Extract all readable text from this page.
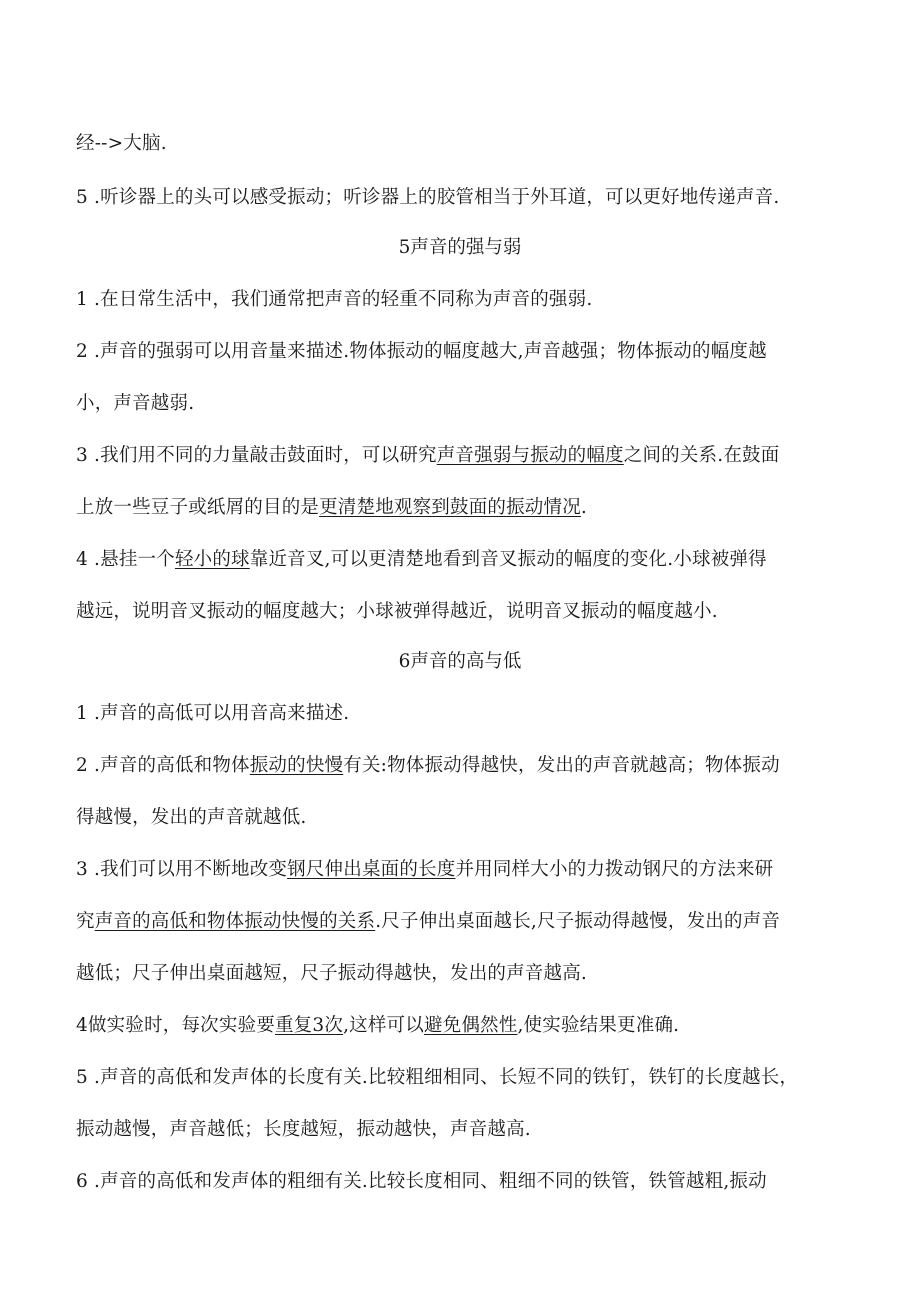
经-->大脑.
5 .听诊器上的头可以感受振动；听诊器上的胶管相当于外耳道，可以更好地传递声音.
5声音的强与弱
1 .在日常生活中，我们通常把声音的轻重不同称为声音的强弱.
2 .声音的强弱可以用音量来描述.物体振动的幅度越大,声音越强；物体振动的幅度越
小，声音越弱.
3 .我们用不同的力量敲击鼓面时，可以研究声音强弱与振动的幅度之间的关系.在鼓面
上放一些豆子或纸屑的目的是更清楚地观察到鼓面的振动情况.
4 .悬挂一个轻小的球靠近音叉,可以更清楚地看到音叉振动的幅度的变化.小球被弹得
越远，说明音叉振动的幅度越大；小球被弹得越近，说明音叉振动的幅度越小.
6声音的高与低
1 .声音的高低可以用音高来描述.
2 .声音的高低和物体振动的快慢有关:物体振动得越快，发出的声音就越高；物体振动
得越慢，发出的声音就越低.
3 .我们可以用不断地改变钢尺伸出桌面的长度并用同样大小的力拨动钢尺的方法来研
究声音的高低和物体振动快慢的关系.尺子伸出桌面越长,尺子振动得越慢，发出的声音
越低；尺子伸出桌面越短，尺子振动得越快，发出的声音越高.
4做实验时，每次实验要重复3次,这样可以避免偶然性,使实验结果更准确.
5 .声音的高低和发声体的长度有关.比较粗细相同、长短不同的铁钉，铁钉的长度越长，
振动越慢，声音越低；长度越短，振动越快，声音越高.
6 .声音的高低和发声体的粗细有关.比较长度相同、粗细不同的铁管，铁管越粗,振动
